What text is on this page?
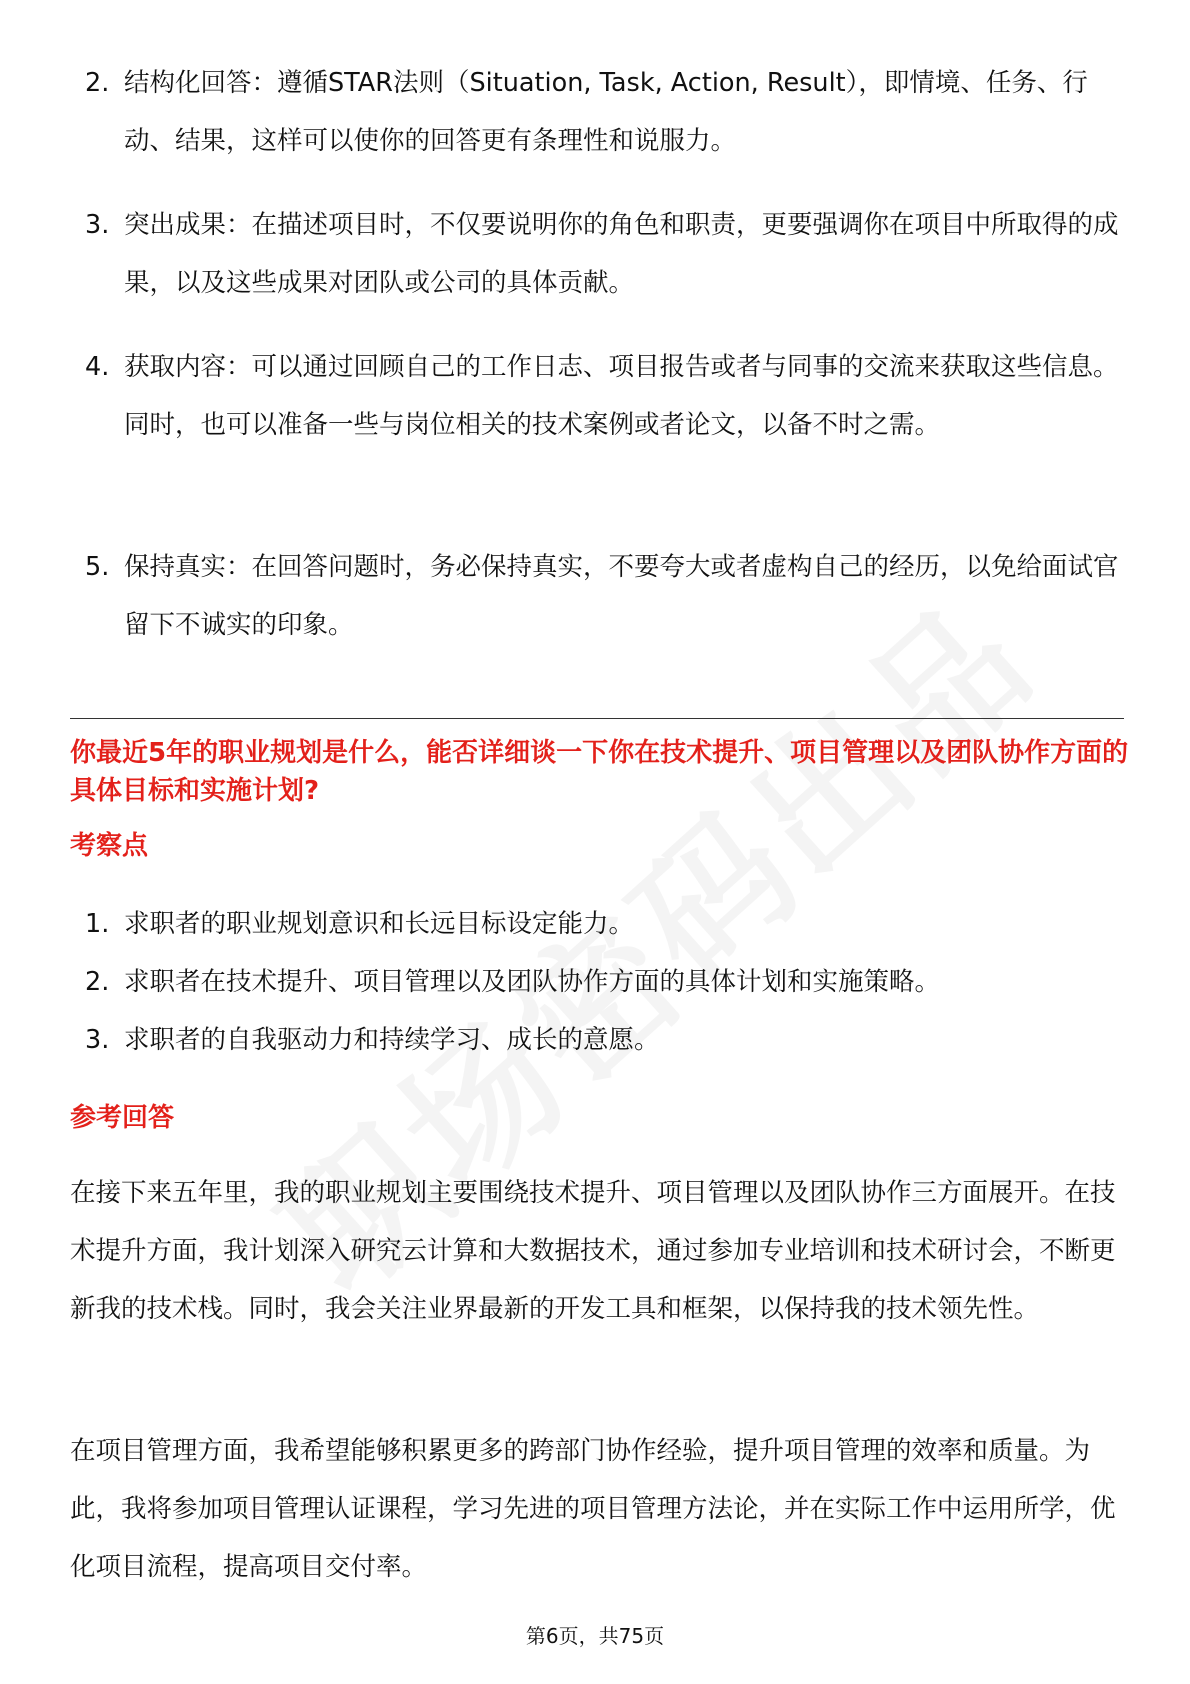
2. 结构化回答：遵循STAR法则（Situation, Task, Action, Result），即情境、任务、行动、结果，这样可以使你的回答更有条理性和说服力。
3. 突出成果：在描述项目时，不仅要说明你的角色和职责，更要强调你在项目中所取得的成果，以及这些成果对团队或公司的具体贡献。
4. 获取内容：可以通过回顾自己的工作日志、项目报告或者与同事的交流来获取这些信息。同时，也可以准备一些与岗位相关的技术案例或者论文，以备不时之需。
5. 保持真实：在回答问题时，务必保持真实，不要夸大或者虚构自己的经历，以免给面试官留下不诚实的印象。
你最近5年的职业规划是什么，能否详细谈一下你在技术提升、项目管理以及团队协作方面的具体目标和实施计划?
考察点
1. 求职者的职业规划意识和长远目标设定能力。
2. 求职者在技术提升、项目管理以及团队协作方面的具体计划和实施策略。
3. 求职者的自我驱动力和持续学习、成长的意愿。
参考回答
在接下来五年里，我的职业规划主要围绕技术提升、项目管理以及团队协作三方面展开。在技术提升方面，我计划深入研究云计算和大数据技术，通过参加专业培训和技术研讨会，不断更新我的技术栈。同时，我会关注业界最新的开发工具和框架，以保持我的技术领先性。
在项目管理方面，我希望能够积累更多的跨部门协作经验，提升项目管理的效率和质量。为此，我将参加项目管理认证课程，学习先进的项目管理方法论，并在实际工作中运用所学，优化项目流程，提高项目交付率。
第6页，共75页
